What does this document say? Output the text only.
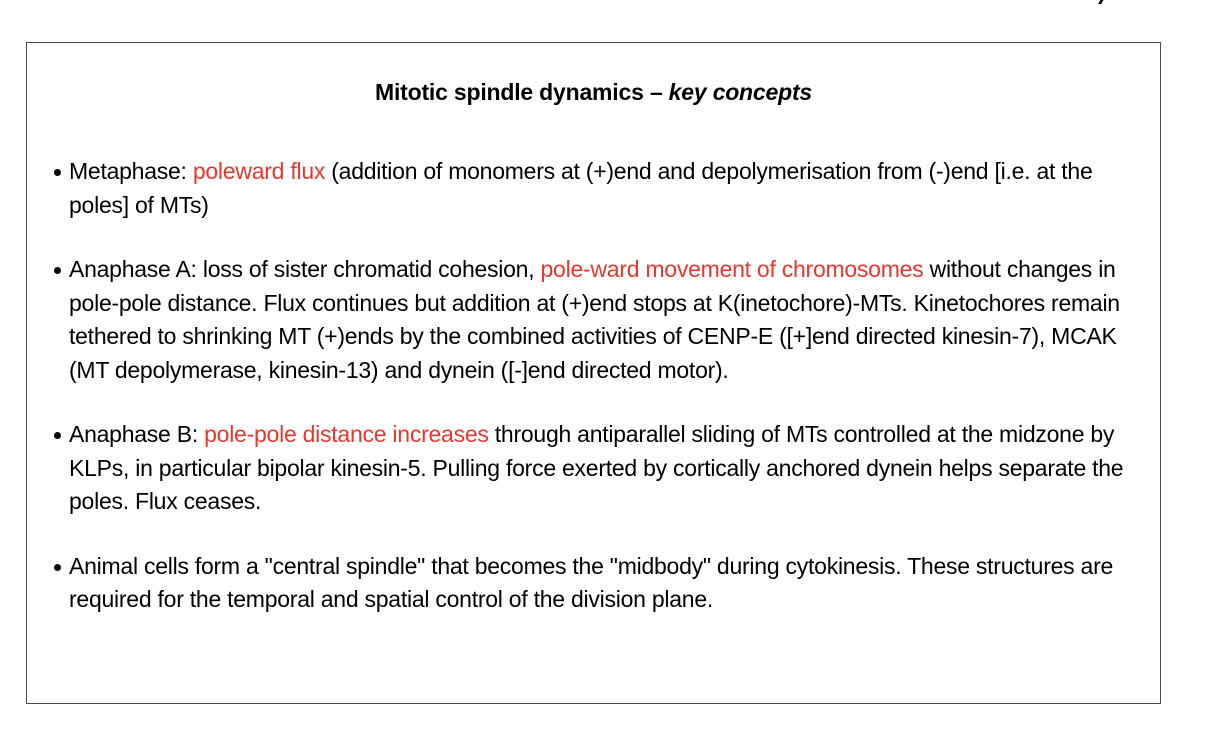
Mitotic spindle dynamics – key concepts
Metaphase: poleward flux (addition of monomers at (+)end and depolymerisation from (-)end [i.e. at the poles] of MTs)
Anaphase A: loss of sister chromatid cohesion, pole-ward movement of chromosomes without changes in pole-pole distance. Flux continues but addition at (+)end stops at K(inetochore)-MTs. Kinetochores remain tethered to shrinking MT (+)ends by the combined activities of CENP-E ([+]end directed kinesin-7), MCAK (MT depolymerase, kinesin-13) and dynein ([-]end directed motor).
Anaphase B: pole-pole distance increases through antiparallel sliding of MTs controlled at the midzone by KLPs, in particular bipolar kinesin-5. Pulling force exerted by cortically anchored dynein helps separate the poles. Flux ceases.
Animal cells form a "central spindle" that becomes the "midbody" during cytokinesis. These structures are required for the temporal and spatial control of the division plane.
